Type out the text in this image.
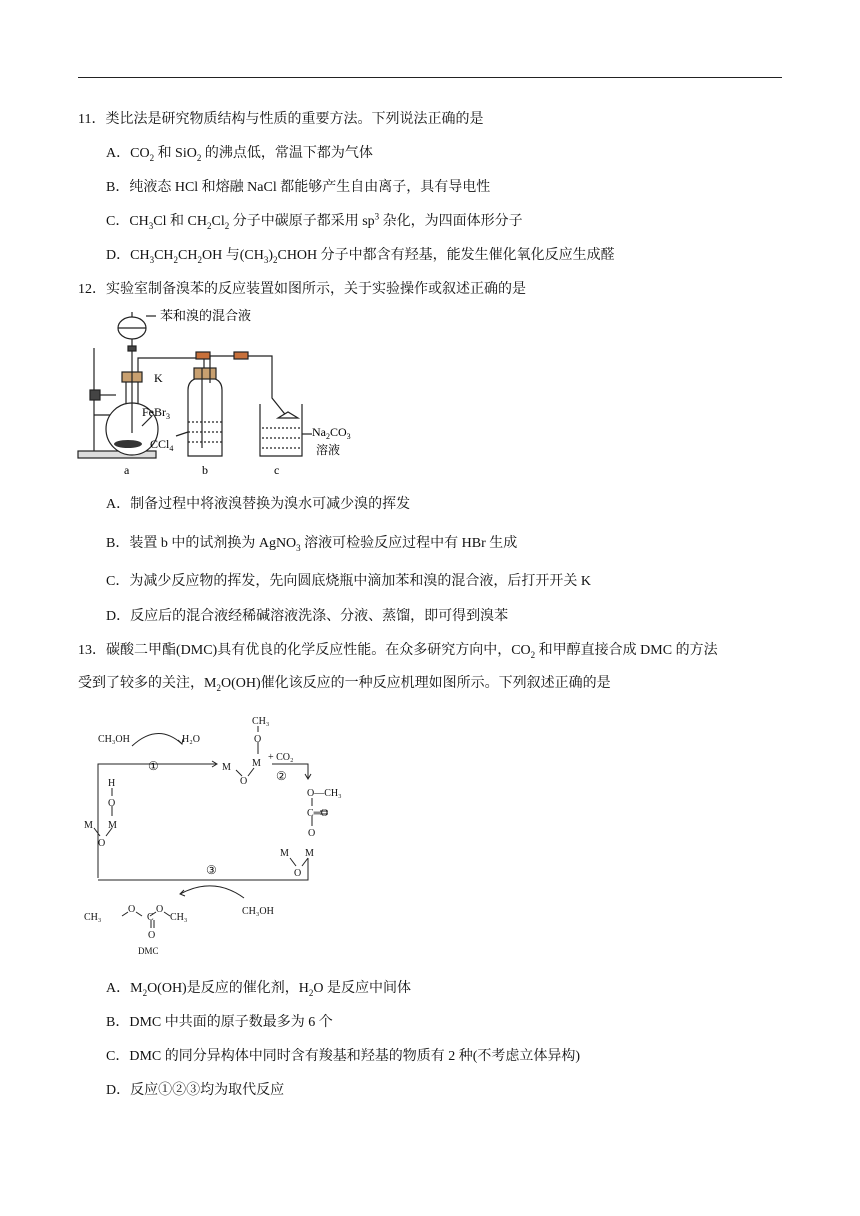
11．类比法是研究物质结构与性质的重要方法。下列说法正确的是
A．$CO_2$ 和 SiO$_2$ 的沸点低，常温下都为气体
B．纯液态 HCl 和熔融 NaCl 都能够产生自由离子，具有导电性
C．$CH_3Cl$ 和 $CH_2Cl_2$ 分子中碳原子都采用 $sp^3$ 杂化，为四面体形分子
D．$CH_3CH_2CH_2OH$ 与$(CH_3)_2CHOH$ 分子中都含有羟基，能发生催化氧化反应生成醛
12．实验室制备溴苯的反应装置如图所示，关于实验操作或叙述正确的是
苯和溴的混合液
K
FeBr$_3$
CCl$_4$
$Na_2CO_3$
溶液
a	b	c
A．制备过程中将液溴替换为溴水可减少溴的挥发
B．装置 b 中的试剂换为 AgNO$_3$ 溶液可检验反应过程中有 HBr 生成
C．为减少反应物的挥发，先向圆底烧瓶中滴加苯和溴的混合液，后打开开关 K
D．反应后的混合液经稀碱溶液洗涤、分液、蒸馏，即可得到溴苯
13．碳酸二甲酯(DMC)具有优良的化学反应性能。在众多研究方向中，$CO_2$ 和甲醇直接合成 DMC 的方法
受到了较多的关注，$M_2O(OH)$催化该反应的一种反应机理如图所示。下列叙述正确的是
CH₃OH	H₂O
①
CH₃
O
M M
O
+ CO₂
②
H
O
M M
O
O—CH₃
C═O
O
M M
O
③
CH₃OH
CH₃
O
C
O
CH₃
O
DMC
A．$M_2O(OH)$是反应的催化剂，$H_2O$ 是反应中间体
B．DMC 中共面的原子数最多为 6 个
C．DMC 的同分异构体中同时含有羧基和羟基的物质有 2 种(不考虑立体异构)
D．反应①②③均为取代反应
